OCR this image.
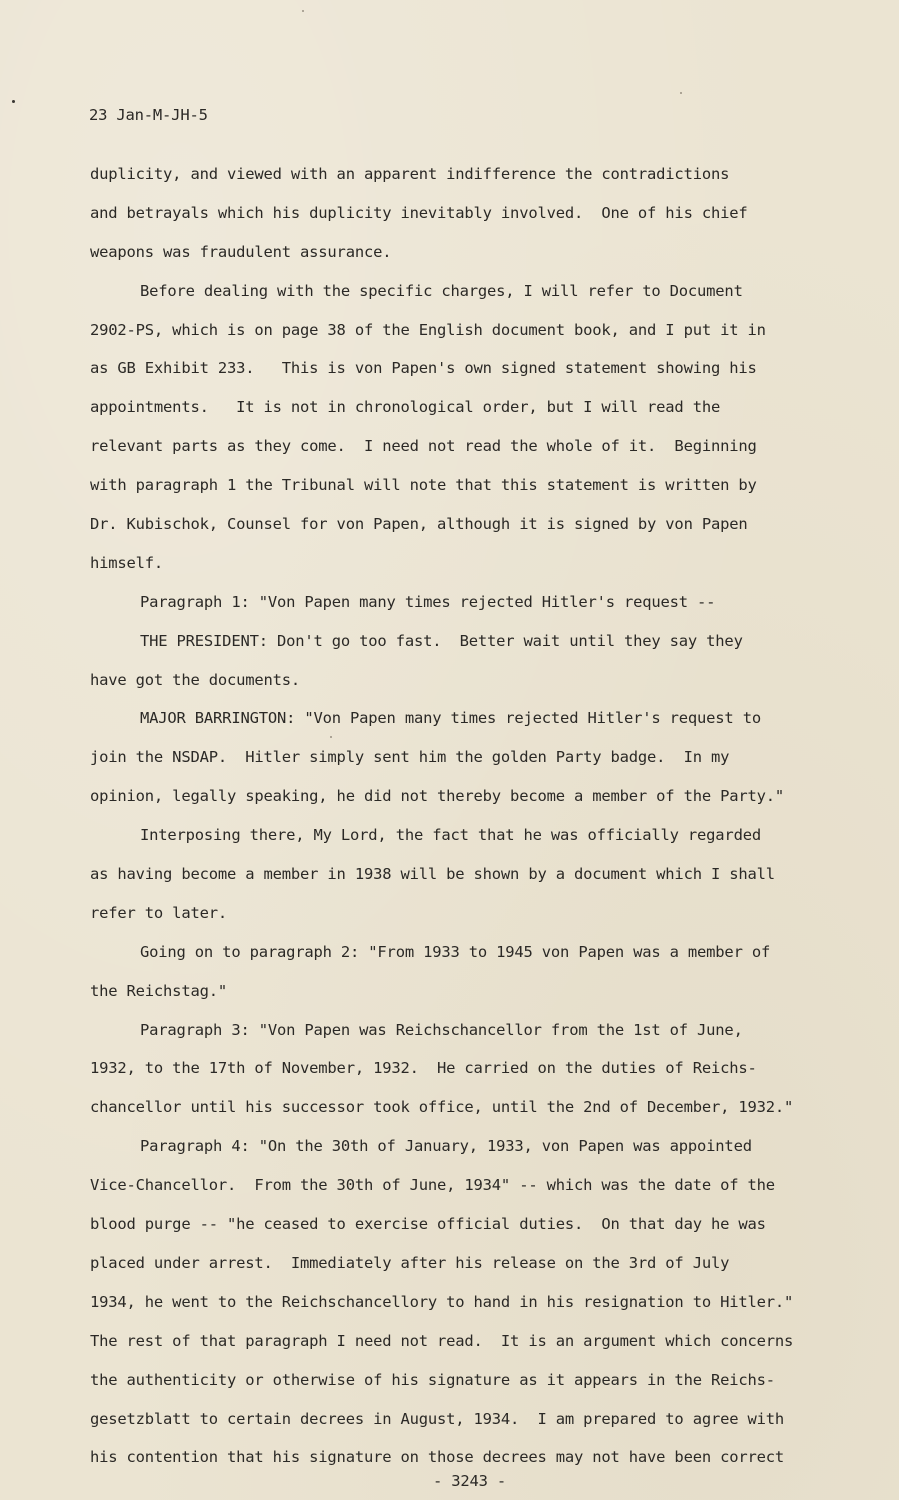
23 Jan-M-JH-5

duplicity, and viewed with an apparent indifference the contradictions
and betrayals which his duplicity inevitably involved.  One of his chief
weapons was fraudulent assurance.
Before dealing with the specific charges, I will refer to Document
2902-PS, which is on page 38 of the English document book, and I put it in
as GB Exhibit 233.   This is von Papen's own signed statement showing his
appointments.   It is not in chronological order, but I will read the
relevant parts as they come.  I need not read the whole of it.  Beginning
with paragraph 1 the Tribunal will note that this statement is written by
Dr. Kubischok, Counsel for von Papen, although it is signed by von Papen
himself.
Paragraph 1: "Von Papen many times rejected Hitler's request --
THE PRESIDENT: Don't go too fast.  Better wait until they say they
have got the documents.
MAJOR BARRINGTON: "Von Papen many times rejected Hitler's request to
join the NSDAP.  Hitler simply sent him the golden Party badge.  In my
opinion, legally speaking, he did not thereby become a member of the Party."
Interposing there, My Lord, the fact that he was officially regarded
as having become a member in 1938 will be shown by a document which I shall
refer to later.
Going on to paragraph 2: "From 1933 to 1945 von Papen was a member of
the Reichstag."
Paragraph 3: "Von Papen was Reichschancellor from the 1st of June,
1932, to the 17th of November, 1932.  He carried on the duties of Reichs-
chancellor until his successor took office, until the 2nd of December, 1932."
Paragraph 4: "On the 30th of January, 1933, von Papen was appointed
Vice-Chancellor.  From the 30th of June, 1934" -- which was the date of the
blood purge -- "he ceased to exercise official duties.  On that day he was
placed under arrest.  Immediately after his release on the 3rd of July
1934, he went to the Reichschancellory to hand in his resignation to Hitler."
The rest of that paragraph I need not read.  It is an argument which concerns
the authenticity or otherwise of his signature as it appears in the Reichs-
gesetzblatt to certain decrees in August, 1934.  I am prepared to agree with
his contention that his signature on those decrees may not have been correct
- 3243 -
